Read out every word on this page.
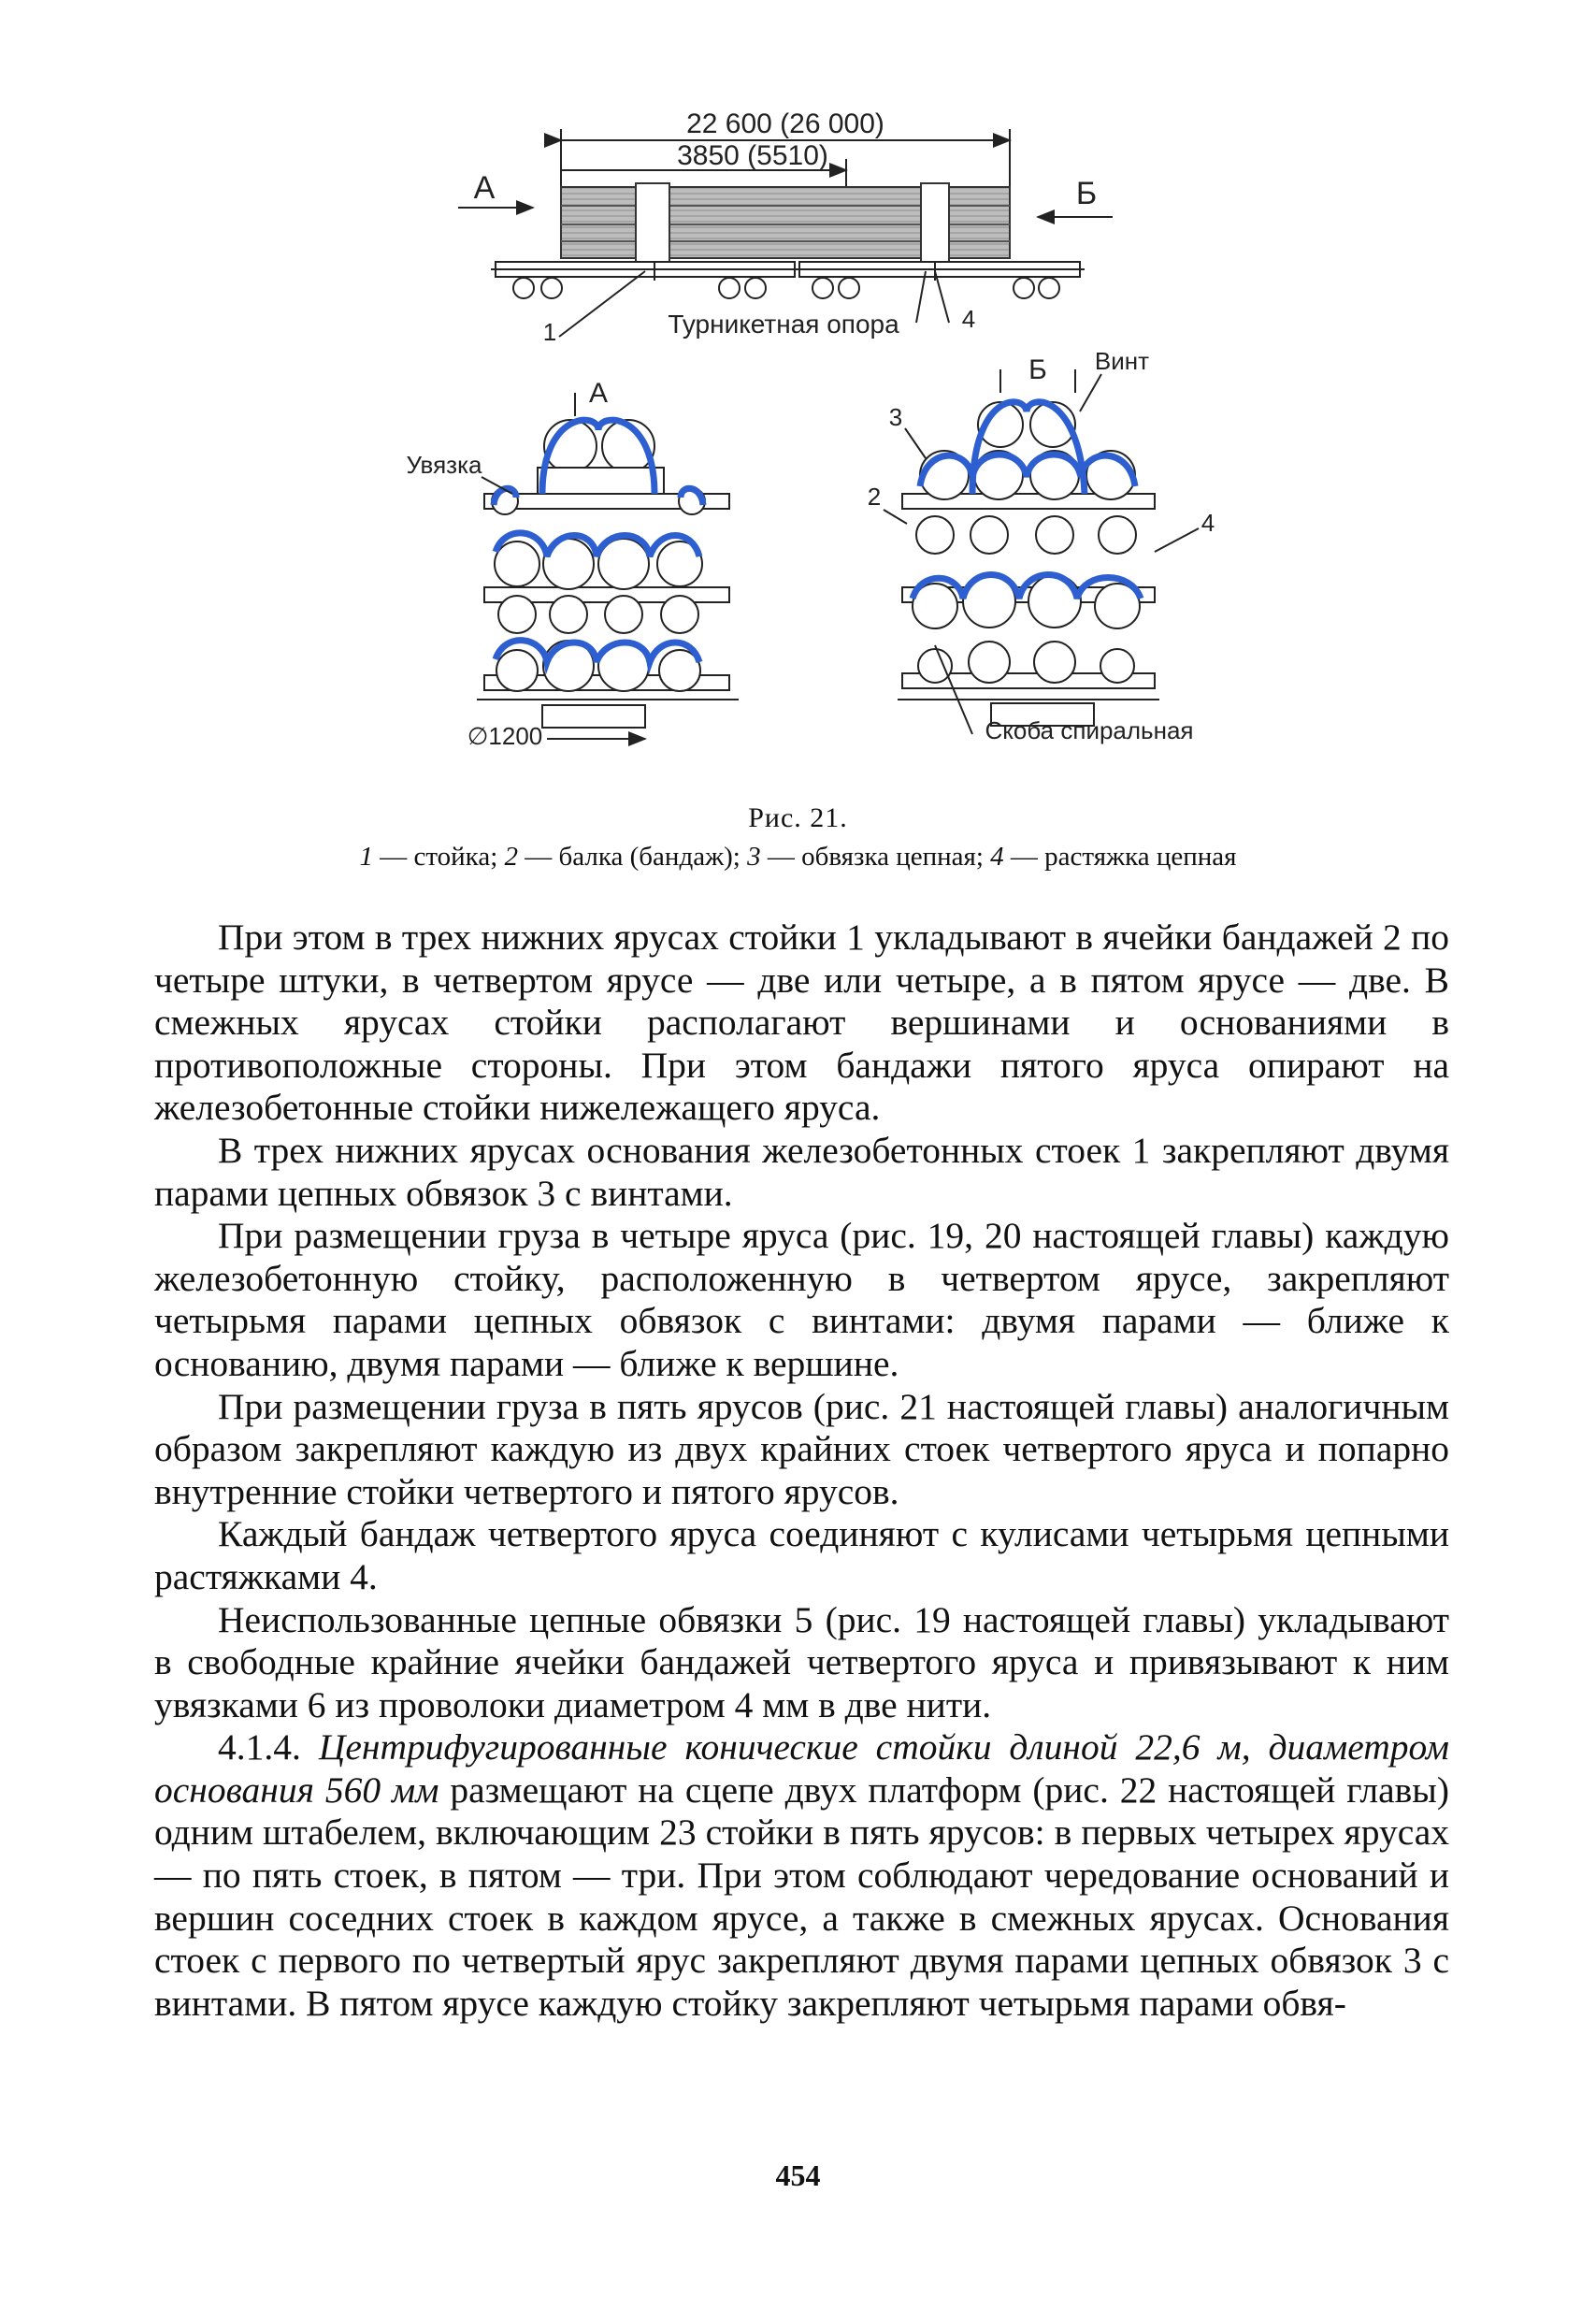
22 600 (26 000)
3850 (5510)
А	Б
1	Турникетная опора	4
А
Увязка
∅1200
Б Винт
3
2
4
Скоба спиральная
Рис. 21.
1 — стойка; 2 — балка (бандаж); 3 — обвязка цепная; 4 — растяжка цепная

При этом в трех нижних ярусах стойки 1 укладывают в ячейки бандажей 2 по четыре штуки, в четвертом ярусе — две или четыре, а в пятом ярусе — две. В смежных ярусах стойки располагают вершинами и основаниями в противоположные стороны. При этом бандажи пятого яруса опирают на железобетонные стойки нижележащего яруса.

В трех нижних ярусах основания железобетонных стоек 1 закрепляют двумя парами цепных обвязок 3 с винтами.

При размещении груза в четыре яруса (рис. 19, 20 настоящей главы) каждую железобетонную стойку, расположенную в четвертом ярусе, закрепляют четырьмя парами цепных обвязок с винтами: двумя парами — ближе к основанию, двумя парами — ближе к вершине.

При размещении груза в пять ярусов (рис. 21 настоящей главы) аналогичным образом закрепляют каждую из двух крайних стоек четвертого яруса и попарно внутренние стойки четвертого и пятого ярусов.

Каждый бандаж четвертого яруса соединяют с кулисами четырьмя цепными растяжками 4.

Неиспользованные цепные обвязки 5 (рис. 19 настоящей главы) укладывают в свободные крайние ячейки бандажей четвертого яруса и привязывают к ним увязками 6 из проволоки диаметром 4 мм в две нити.

4.1.4. Центрифугированные конические стойки длиной 22,6 м, диаметром основания 560 мм размещают на сцепе двух платформ (рис. 22 настоящей главы) одним штабелем, включающим 23 стойки в пять ярусов: в первых четырех ярусах — по пять стоек, в пятом — три. При этом соблюдают чередование оснований и вершин соседних стоек в каждом ярусе, а также в смежных ярусах. Основания стоек с первого по четвертый ярус закрепляют двумя парами цепных обвязок 3 с винтами. В пятом ярусе каждую стойку закрепляют четырьмя парами обвя-

454
